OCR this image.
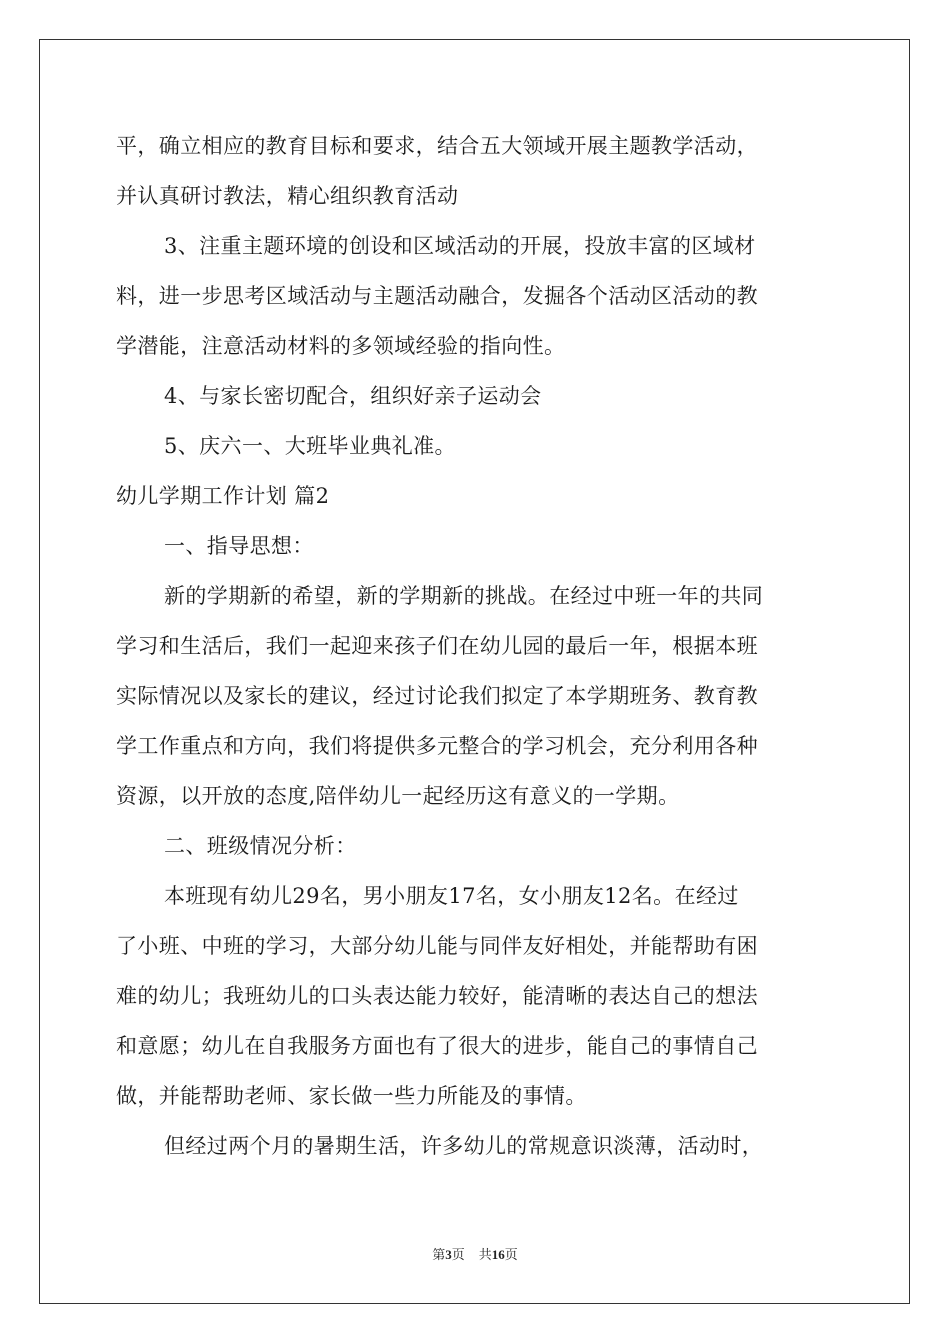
平，确立相应的教育目标和要求，结合五大领域开展主题教学活动，
并认真研讨教法，精心组织教育活动
3、注重主题环境的创设和区域活动的开展，投放丰富的区域材
料，进一步思考区域活动与主题活动融合，发掘各个活动区活动的教
学潜能，注意活动材料的多领域经验的指向性。
4、与家长密切配合，组织好亲子运动会
5、庆六一、大班毕业典礼准。
幼儿学期工作计划 篇2
一、指导思想：
新的学期新的希望，新的学期新的挑战。在经过中班一年的共同
学习和生活后，我们一起迎来孩子们在幼儿园的最后一年，根据本班
实际情况以及家长的建议，经过讨论我们拟定了本学期班务、教育教
学工作重点和方向，我们将提供多元整合的学习机会，充分利用各种
资源，以开放的态度,陪伴幼儿一起经历这有意义的一学期。
二、班级情况分析：
本班现有幼儿29名，男小朋友17名，女小朋友12名。在经过
了小班、中班的学习，大部分幼儿能与同伴友好相处，并能帮助有困
难的幼儿；我班幼儿的口头表达能力较好，能清晰的表达自己的想法
和意愿；幼儿在自我服务方面也有了很大的进步，能自己的事情自己
做，并能帮助老师、家长做一些力所能及的事情。
但经过两个月的暑期生活，许多幼儿的常规意识淡薄，活动时，
第3页 共16页
